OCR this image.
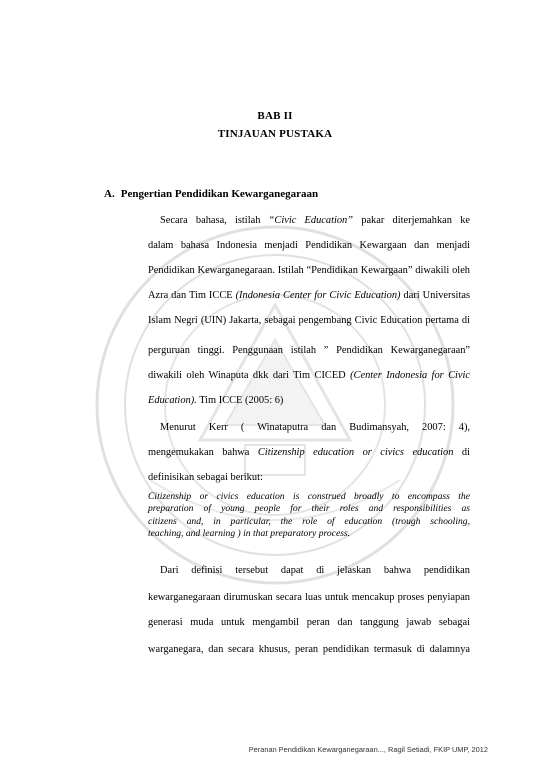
BAB II
TINJAUAN PUSTAKA
A. Pengertian Pendidikan Kewarganegaraan
Secara bahasa, istilah “Civic Education” pakar diterjemahkan ke
dalam bahasa Indonesia menjadi Pendidikan Kewargaan dan menjadi
Pendidikan Kewarganegaraan. Istilah “Pendidikan Kewargaan” diwakili oleh
Azra dan Tim ICCE (Indonesia Center for Civic Education) dari Universitas
Islam Negri (UIN) Jakarta, sebagai pengembang Civic Education pertama di
perguruan tinggi. Penggunaan istilah ” Pendidikan Kewarganegaraan”
diwakili oleh Winaputa dkk dari Tim CICED (Center Indonesia for Civic
Education). Tim ICCE (2005: 6)
Menurut Kerr ( Winataputra dan Budimansyah, 2007: 4),
mengemukakan bahwa Citizenship education or civics education di
definisikan sebagai berikut:
Citizenship or civics education is construed broadly to encompass the
preparation of young people for their roles and responsibilities as
citizens and, in particular, the role of education (trough schooling,
teaching, and learning ) in that preparatory process.
Dari definisi tersebut dapat di jelaskan bahwa pendidikan
kewarganegaraan dirumuskan secara luas untuk mencakup proses penyiapan
generasi muda untuk mengambil peran dan tanggung jawab sebagai
warganegara, dan secara khusus, peran pendidikan termasuk di dalamnya
Peranan Pendidikan Kewarganegaraan..., Ragil Setiadi, FKIP UMP, 2012
